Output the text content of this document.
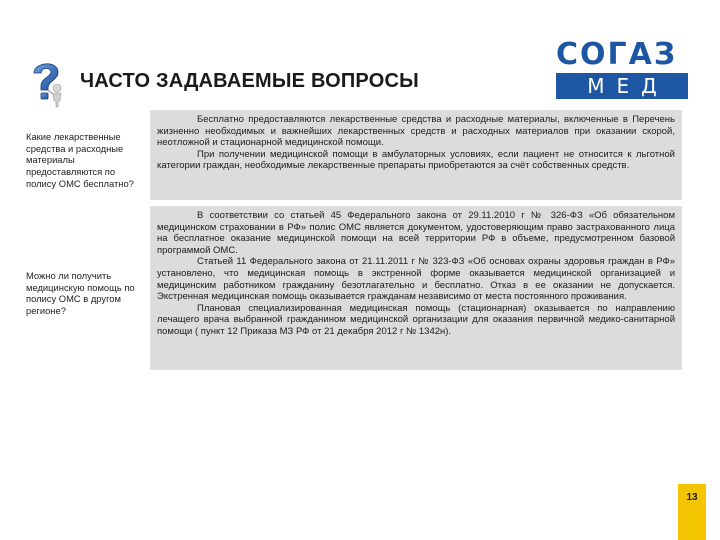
ЧАСТО ЗАДАВАЕМЫЕ ВОПРОСЫ
СОГАЗ
МЕД
Какие лекарственные средства и расходные материалы предоставляются по полису ОМС бесплатно?

Бесплатно предоставляются лекарственные средства и расходные материалы, включенные в Перечень жизненно необходимых и важнейших лекарственных средств и расходных материалов при оказании скорой, неотложной и стационарной медицинской помощи.

При получении медицинской помощи в амбулаторных условиях, если пациент не относится к льготной категории граждан, необходимые лекарственные препараты приобретаются за счёт собственных средств.

Можно ли получить медицинскую помощь по полису ОМС в другом регионе?

В соответствии со статьей 45 Федерального закона от 29.11.2010 г № 326-ФЗ «Об обязательном медицинском страховании в РФ» полис ОМС является документом, удостоверяющим право застрахованного лица на бесплатное оказание медицинской помощи на всей территории РФ в объеме, предусмотренном базовой программой ОМС.

Статьей 11 Федерального закона от 21.11.2011 г № 323-ФЗ «Об основах охраны здоровья граждан в РФ» установлено, что медицинская помощь в экстренной форме оказывается медицинской организацией и медицинским работником гражданину безотлагательно и бесплатно. Отказ в ее оказании не допускается. Экстренная медицинская помощь оказывается гражданам независимо от места постоянного проживания.

Плановая специализированная медицинская помощь (стационарная) оказывается по направлению лечащего врача выбранной гражданином медицинской организации для оказания первичной медико-санитарной помощи ( пункт 12 Приказа МЗ РФ от 21 декабря 2012 г № 1342н).

13
